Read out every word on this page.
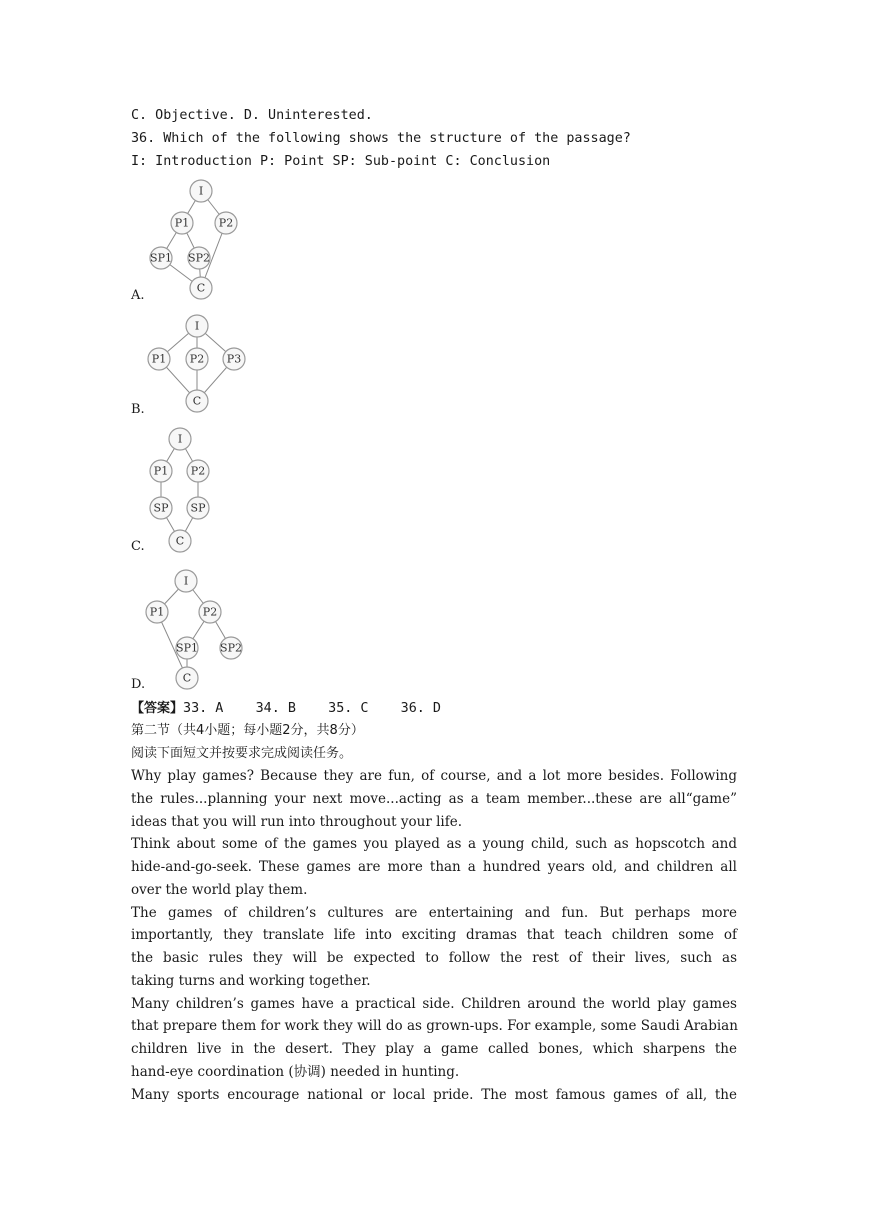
C. Objective. D. Uninterested.
36. Which of the following shows the structure of the passage?
I: Introduction P: Point SP: Sub-point C: Conclusion
I
P1	P2
SP1 SP2
C
A.
I
P1 P2 P3
C
B.
I
P1 P2
SP SP
C
C.
I
P1	P2
SP1 SP2
C
D.
【答案】33. A    34. B    35. C    36. D
第二节（共4小题；每小题2分，共8分）
阅读下面短文并按要求完成阅读任务。
Why play games? Because they are fun, of course, and a lot more besides. Following
the rules...planning your next move...acting as a team member...these are all“game”
ideas that you will run into throughout your life.
Think about some of the games you played as a young child, such as hopscotch and
hide-and-go-seek. These games are more than a hundred years old, and children all
over the world play them.
The games of children’s cultures are entertaining and fun. But perhaps more
importantly, they translate life into exciting dramas that teach children some of
the basic rules they will be expected to follow the rest of their lives, such as
taking turns and working together.
Many children’s games have a practical side. Children around the world play games
that prepare them for work they will do as grown-ups. For example, some Saudi Arabian
children live in the desert. They play a game called bones, which sharpens the
hand-eye coordination (协调) needed in hunting.
Many sports encourage national or local pride. The most famous games of all, the
